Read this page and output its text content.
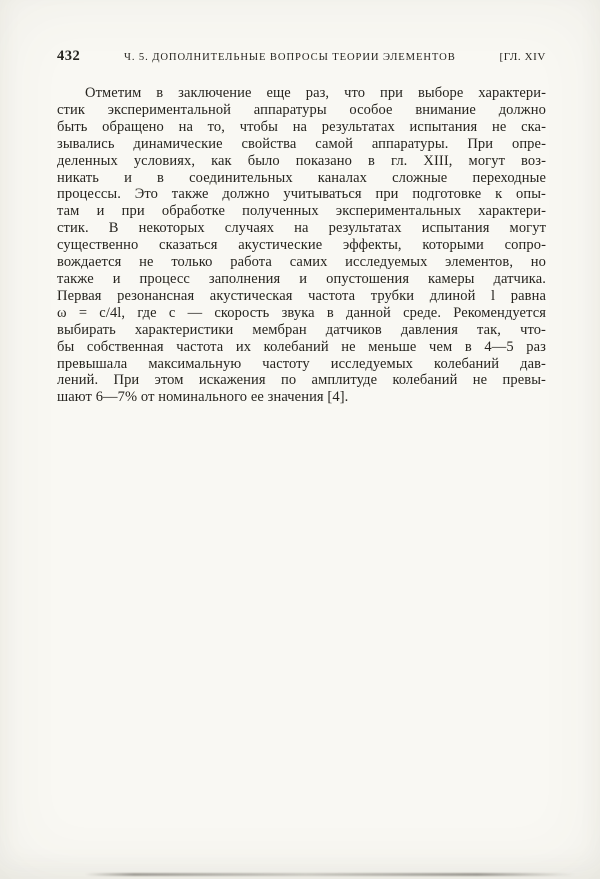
432	Ч. 5. ДОПОЛНИТЕЛЬНЫЕ ВОПРОСЫ ТЕОРИИ ЭЛЕМЕНТОВ	[ГЛ. XIV
Отметим в заключение еще раз, что при выборе характери-
стик экспериментальной аппаратуры особое внимание должно
быть обращено на то, чтобы на результатах испытания не ска-
зывались динамические свойства самой аппаратуры. При опре-
деленных условиях, как было показано в гл. XIII, могут воз-
никать и в соединительных каналах сложные переходные
процессы. Это также должно учитываться при подготовке к опы-
там и при обработке полученных экспериментальных характери-
стик. В некоторых случаях на результатах испытания могут
существенно сказаться акустические эффекты, которыми сопро-
вождается не только работа самих исследуемых элементов, но
также и процесс заполнения и опустошения камеры датчика.
Первая резонансная акустическая частота трубки длиной l равна
ω = c/4l, где c — скорость звука в данной среде. Рекомендуется
выбирать характеристики мембран датчиков давления так, что-
бы собственная частота их колебаний не меньше чем в 4—5 раз
превышала максимальную частоту исследуемых колебаний дав-
лений. При этом искажения по амплитуде колебаний не превы-
шают 6—7% от номинального ее значения [4].
